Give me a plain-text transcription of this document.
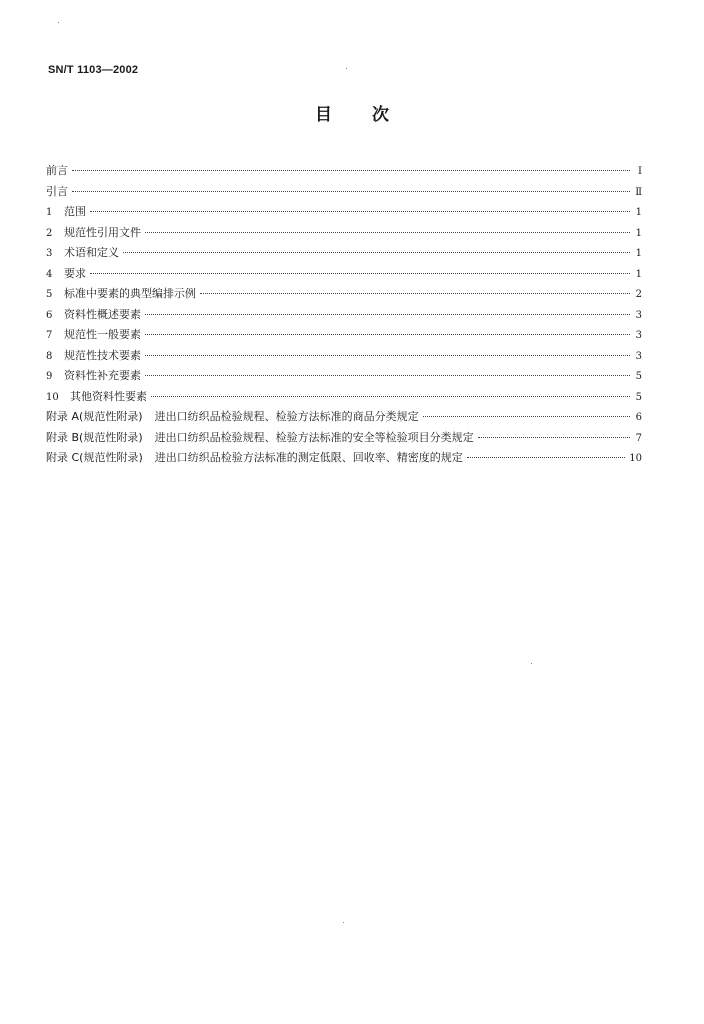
SN/T 1103—2002
目次
前言	Ⅰ
引言	Ⅱ
1	范围	1
2	规范性引用文件	1
3	术语和定义	1
4	要求	1
5	标准中要素的典型编排示例	2
6	资料性概述要素	3
7	规范性一般要素	3
8	规范性技术要素	3
9	资料性补充要素	5
10	其他资料性要素	5
附录 A(规范性附录) 进出口纺织品检验规程、检验方法标准的商品分类规定	6
附录 B(规范性附录) 进出口纺织品检验规程、检验方法标准的安全等检验项目分类规定	7
附录 C(规范性附录) 进出口纺织品检验方法标准的测定低限、回收率、精密度的规定	10
